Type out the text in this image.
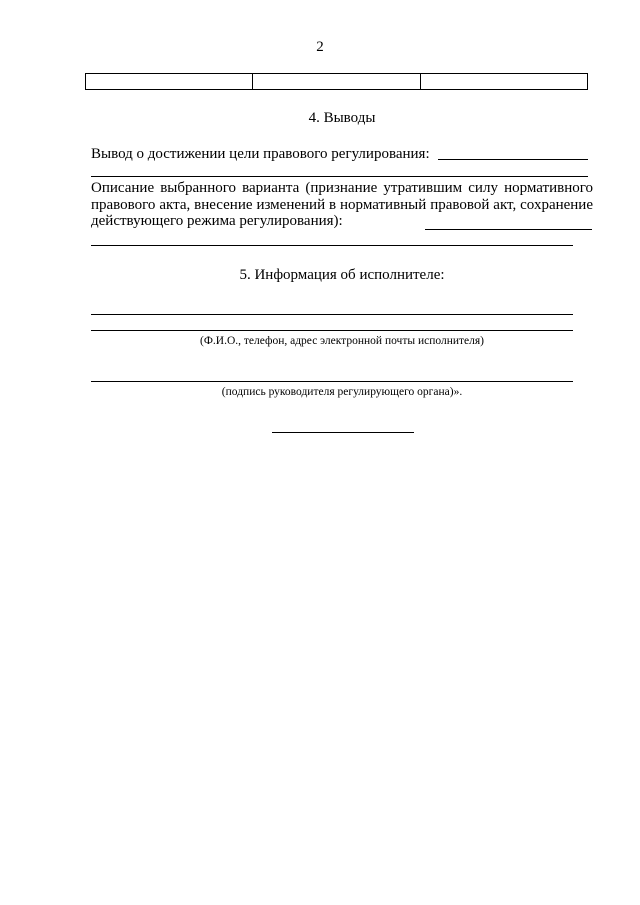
2

4. Выводы
Вывод о достижении цели правового регулирования:
Описание выбранного варианта (признание утратившим силу нормативного правового акта, внесение изменений в нормативный правовой акт, сохранение действующего режима регулирования):
5. Информация об исполнителе:
(Ф.И.О., телефон, адрес электронной почты исполнителя)
(подпись руководителя регулирующего органа)».
